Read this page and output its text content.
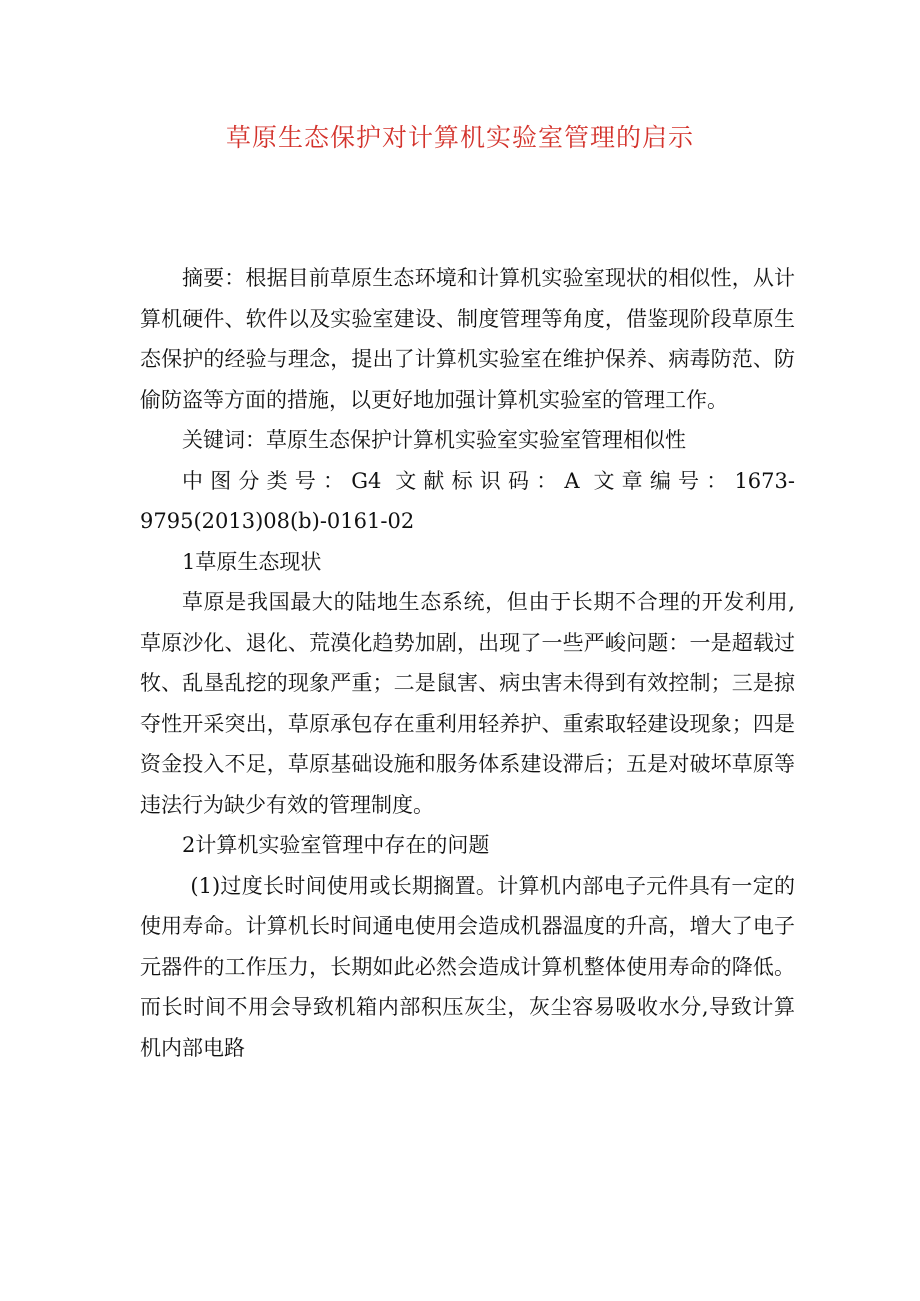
草原生态保护对计算机实验室管理的启示

摘要：根据目前草原生态环境和计算机实验室现状的相似性，从计算机硬件、软件以及实验室建设、制度管理等角度，借鉴现阶段草原生态保护的经验与理念，提出了计算机实验室在维护保养、病毒防范、防偷防盗等方面的措施，以更好地加强计算机实验室的管理工作。

关键词：草原生态保护计算机实验室实验室管理相似性

中图分类号：G4 文献标识码：A 文章编号：1673-9795(2013)08(b)-0161-02

1草原生态现状

草原是我国最大的陆地生态系统，但由于长期不合理的开发利用,草原沙化、退化、荒漠化趋势加剧，出现了一些严峻问题：一是超载过牧、乱垦乱挖的现象严重；二是鼠害、病虫害未得到有效控制；三是掠夺性开采突出，草原承包存在重利用轻养护、重索取轻建设现象；四是资金投入不足，草原基础设施和服务体系建设滞后；五是对破坏草原等违法行为缺少有效的管理制度。

2计算机实验室管理中存在的问题

(1)过度长时间使用或长期搁置。计算机内部电子元件具有一定的使用寿命。计算机长时间通电使用会造成机器温度的升高，增大了电子元器件的工作压力，长期如此必然会造成计算机整体使用寿命的降低。而长时间不用会导致机箱内部积压灰尘，灰尘容易吸收水分,导致计算机内部电路
